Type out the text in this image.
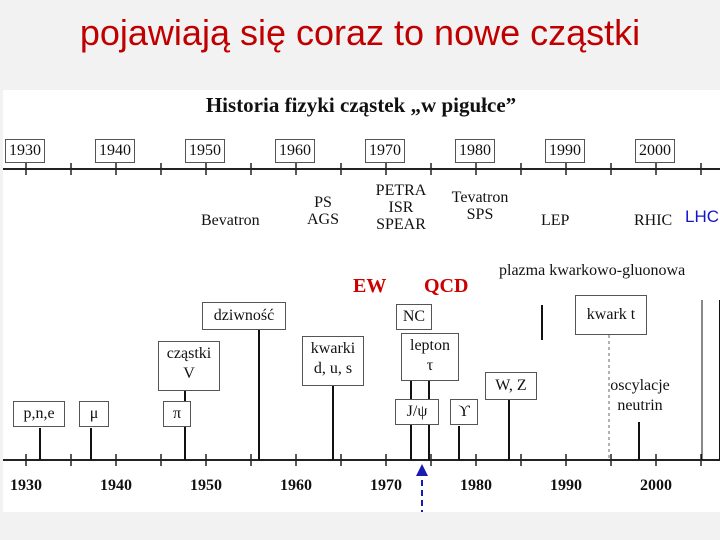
pojawiają się coraz to nowe cząstki
Historia fizyki cząstek „w pigułce”
1930	1940	1950	1960	1970	1980	1990	2000
Bevatron
PS
AGS
PETRA
ISR
SPEAR
Tevatron
SPS	LEP	RHIC LHC
EW QCD
plazma kwarkowo-gluonowa
p,n,e	μ
cząstki
V
π
dziwność
kwarki
d, u, s
NC
lepton
τ
J/ψ	ϒ
W, Z
kwark t
oscylacje
neutrin
1930	1940	1950	1960	1970	1980	1990	2000
